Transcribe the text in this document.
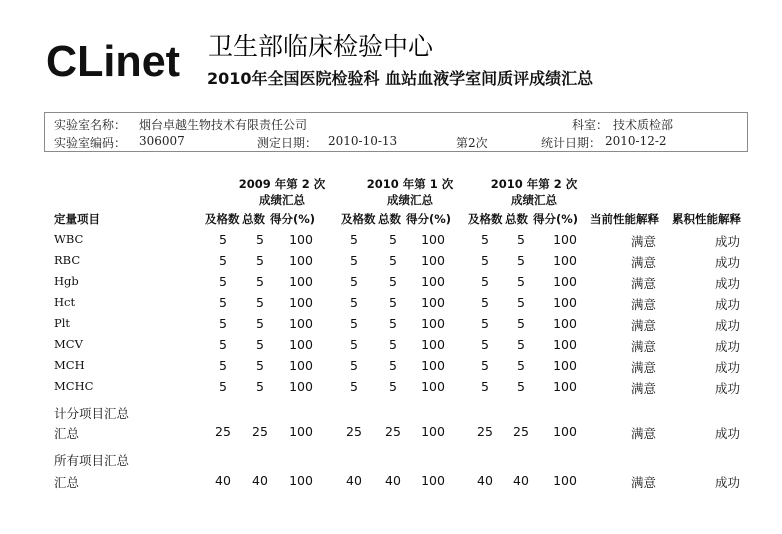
CLinet 卫生部临床检验中心
2010年全国医院检验科 血站血液学室间质评成绩汇总
实验室名称： 烟台卓越生物技术有限责任公司	科室： 技术质检部
实验室编码： 306007	测定日期： 2010-10-13	第2次	统计日期： 2010-12-2
2009 年第 2 次
成绩汇总
2010 年第 1 次
成绩汇总
2010 年第 2 次
成绩汇总
定量项目	及格数 总数 得分(%) 及格数 总数 得分(%) 及格数 总数 得分(%) 当前性能解释 累积性能解释
WBC	5	5	100	5	5	100	5	5	100	满意	成功
RBC	5	5	100	5	5	100	5	5	100	满意	成功
Hgb	5	5	100	5	5	100	5	5	100	满意	成功
Hct	5	5	100	5	5	100	5	5	100	满意	成功
Plt	5	5	100	5	5	100	5	5	100	满意	成功
MCV	5	5	100	5	5	100	5	5	100	满意	成功
MCH	5	5	100	5	5	100	5	5	100	满意	成功
MCHC	5	5	100	5	5	100	5	5	100	满意	成功
计分项目汇总
汇总	25	25	100	25	25	100	25	25	100	满意	成功
所有项目汇总
汇总	40	40	100	40	40	100	40	40	100	满意	成功
